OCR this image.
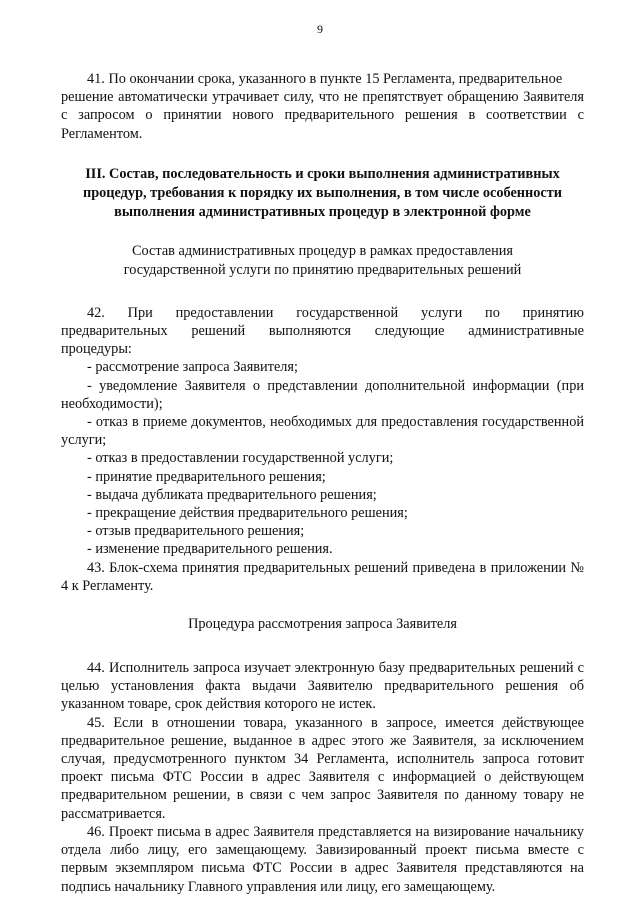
9

41. По окончании срока, указанного в пункте 15 Регламента, предварительное

решение автоматически утрачивает силу, что не препятствует обращению Заявителя с запросом о принятии нового предварительного решения в соответствии с Регламентом.

III. Состав, последовательность и сроки выполнения административных
процедур, требования к порядку их выполнения, в том числе особенности
выполнения административных процедур в электронной форме
Состав административных процедур в рамках предоставления
государственной услуги по принятию предварительных решений
42. При предоставлении государственной услуги по принятию
предварительных решений выполняются следующие административные

процедуры:

- рассмотрение запроса Заявителя;

- уведомление Заявителя о представлении дополнительной информации (при необходимости);

- отказ в приеме документов, необходимых для предоставления государственной услуги;

- отказ в предоставлении государственной услуги;

- принятие предварительного решения;

- выдача дубликата предварительного решения;

- прекращение действия предварительного решения;

- отзыв предварительного решения;

- изменение предварительного решения.

43. Блок-схема принятия предварительных решений приведена в приложении № 4 к Регламенту.

Процедура рассмотрения запроса Заявителя

44. Исполнитель запроса изучает электронную базу предварительных решений с целью установления факта выдачи Заявителю предварительного решения об указанном товаре, срок действия которого не истек.

45. Если в отношении товара, указанного в запросе, имеется действующее предварительное решение, выданное в адрес этого же Заявителя, за исключением случая, предусмотренного пунктом 34 Регламента, исполнитель запроса готовит проект письма ФТС России в адрес Заявителя с информацией о действующем предварительном решении, в связи с чем запрос Заявителя по данному товару не рассматривается.

46. Проект письма в адрес Заявителя представляется на визирование начальнику отдела либо лицу, его замещающему. Завизированный проект письма вместе с первым экземпляром письма ФТС России в адрес Заявителя представляются на подпись начальнику Главного управления или лицу, его замещающему.
